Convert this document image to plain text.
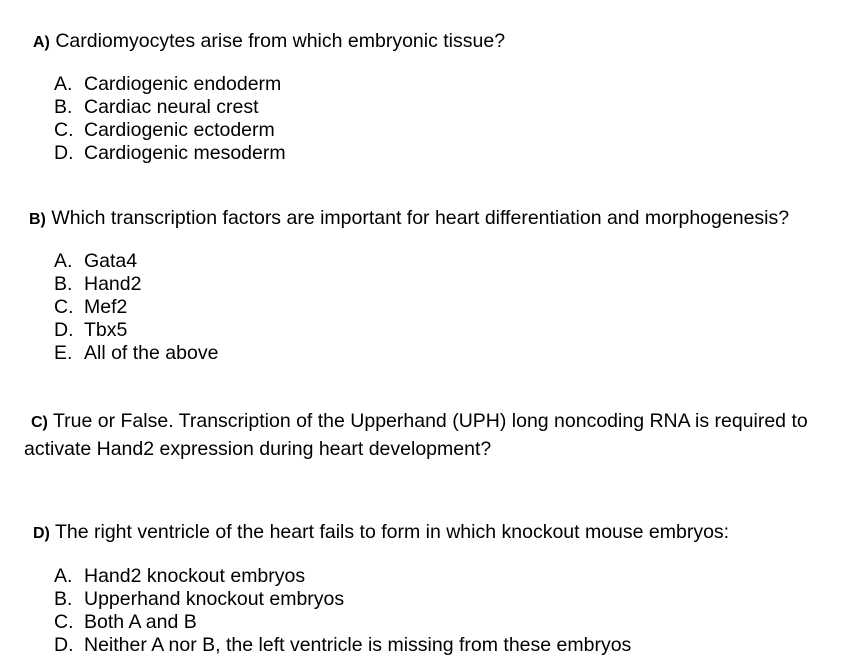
A) Cardiomyocytes arise from which embryonic tissue?
A. Cardiogenic endoderm
B. Cardiac neural crest
C. Cardiogenic ectoderm
D. Cardiogenic mesoderm
B) Which transcription factors are important for heart differentiation and morphogenesis?
A. Gata4
B. Hand2
C. Mef2
D. Tbx5
E. All of the above
C) True or False. Transcription of the Upperhand (UPH) long noncoding RNA is required to
activate Hand2 expression during heart development?
D) The right ventricle of the heart fails to form in which knockout mouse embryos:
A. Hand2 knockout embryos
B. Upperhand knockout embryos
C. Both A and B
D. Neither A nor B, the left ventricle is missing from these embryos
